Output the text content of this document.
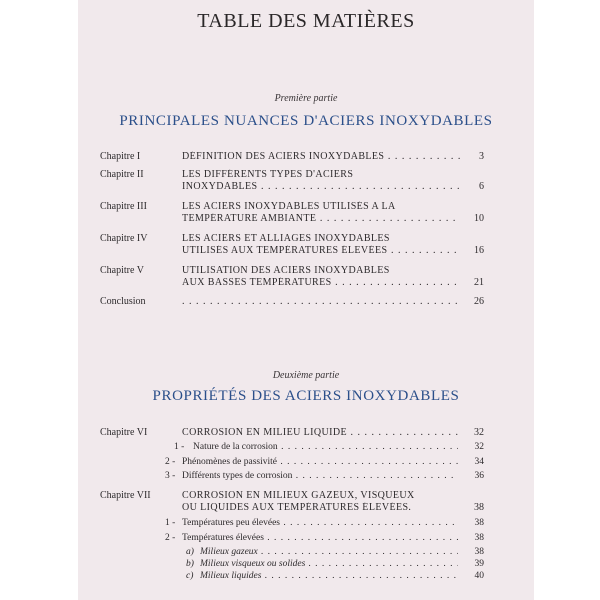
TABLE DES MATIÈRES
Première partie
PRINCIPALES NUANCES D'ACIERS INOXYDABLES
Chapitre I	DÉFINITION DES ACIERS INOXYDABLES . . .	3
Chapitre II	LES DIFFÉRENTS TYPES D'ACIERS
INOXYDABLES . . .	6
Chapitre III	LES ACIERS INOXYDABLES UTILISÉS A LA
TEMPÉRATURE AMBIANTE . . .	10
Chapitre IV	LES ACIERS ET ALLIAGES INOXYDABLES
UTILISÉS AUX TEMPÉRATURES ÉLEVÉES . . .	16
Chapitre V	UTILISATION DES ACIERS INOXYDABLES
AUX BASSES TEMPÉRATURES . . .	21
Conclusion . . .	26
Deuxième partie
PROPRIÉTÉS DES ACIERS INOXYDABLES
Chapitre VI	CORROSION EN MILIEU LIQUIDE . . .	32
1 - Nature de la corrosion . . .	32
2 - Phénomènes de passivité . . .	34
3 - Différents types de corrosion . . .	36
Chapitre VII	CORROSION EN MILIEUX GAZEUX, VISQUEUX
OU LIQUIDES AUX TEMPÉRATURES ÉLEVÉES.	38
1 - Températures peu élevées . . .	38
2 - Températures élevées . . .	38
a) Milieux gazeux . . .	38
b) Milieux visqueux ou solides . . .	39
c) Milieux liquides . . .	40
